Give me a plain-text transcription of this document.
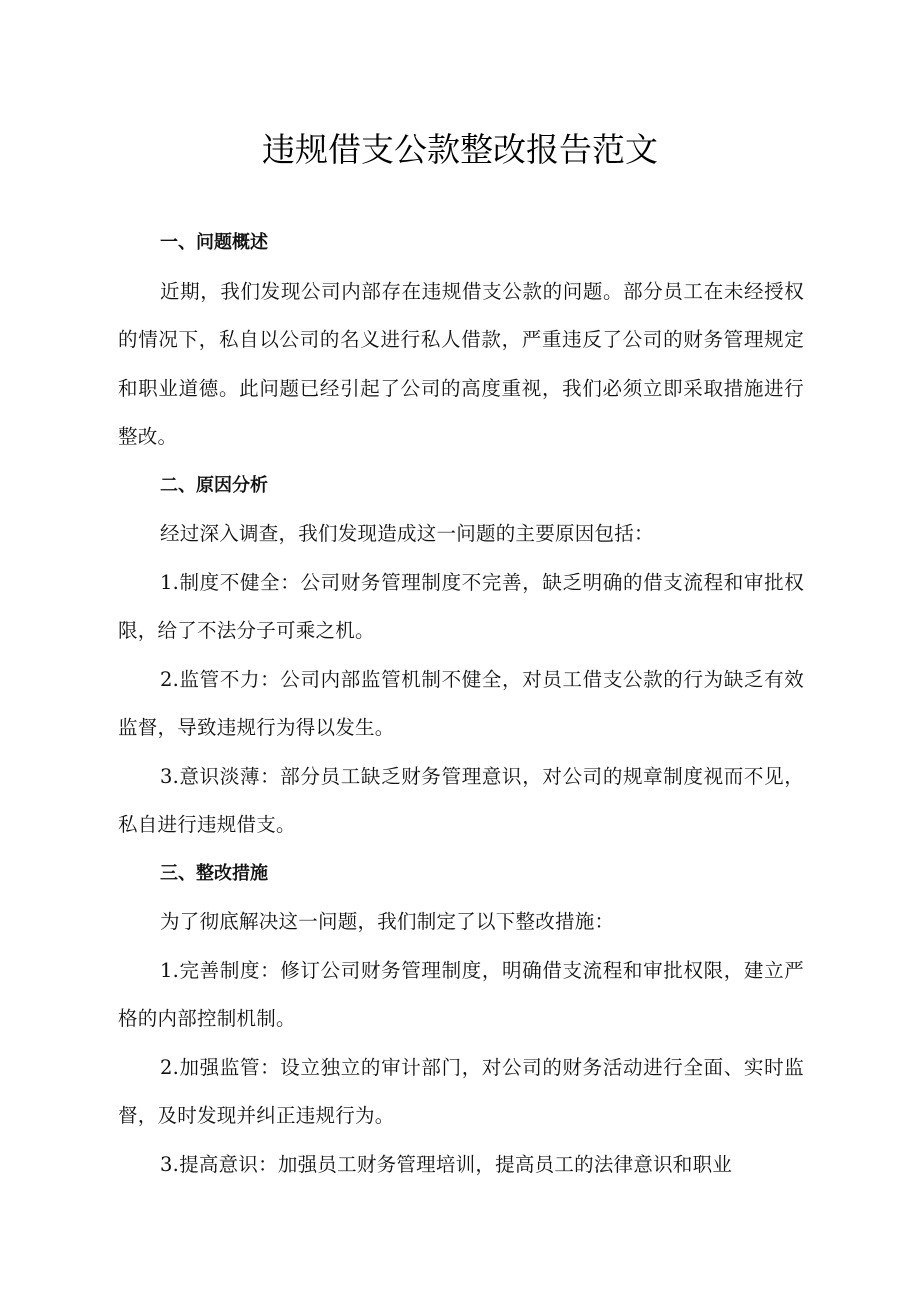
违规借支公款整改报告范文
一、问题概述

近期，我们发现公司内部存在违规借支公款的问题。部分员工在未经授权的情况下，私自以公司的名义进行私人借款，严重违反了公司的财务管理规定和职业道德。此问题已经引起了公司的高度重视，我们必须立即采取措施进行整改。

二、原因分析

经过深入调查，我们发现造成这一问题的主要原因包括：

1.制度不健全：公司财务管理制度不完善，缺乏明确的借支流程和审批权限，给了不法分子可乘之机。

2.监管不力：公司内部监管机制不健全，对员工借支公款的行为缺乏有效监督，导致违规行为得以发生。

3.意识淡薄：部分员工缺乏财务管理意识，对公司的规章制度视而不见，私自进行违规借支。

三、整改措施

为了彻底解决这一问题，我们制定了以下整改措施：

1.完善制度：修订公司财务管理制度，明确借支流程和审批权限，建立严格的内部控制机制。

2.加强监管：设立独立的审计部门，对公司的财务活动进行全面、实时监督，及时发现并纠正违规行为。

3.提高意识：加强员工财务管理培训，提高员工的法律意识和职业
